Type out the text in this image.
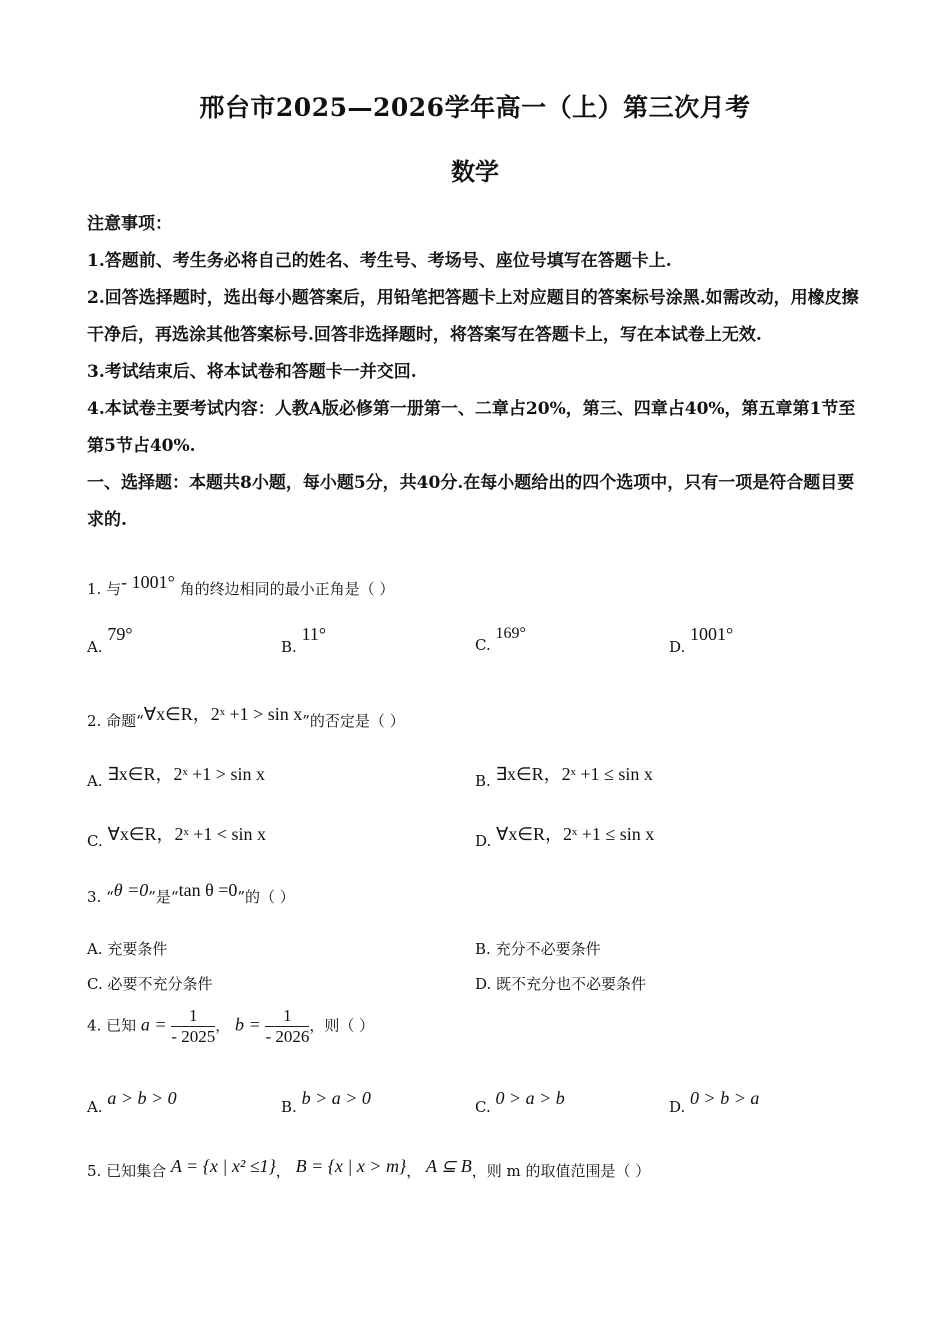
邢台市2025—2026学年高一（上）第三次月考
数学

注意事项：

1.答题前、考生务必将自己的姓名、考生号、考场号、座位号填写在答题卡上.

2.回答选择题时，选出每小题答案后，用铅笔把答题卡上对应题目的答案标号涂黑.如需改动，用橡皮擦干净后，再选涂其他答案标号.回答非选择题时，将答案写在答题卡上，写在本试卷上无效.

3.考试结束后、将本试卷和答题卡一并交回.

4.本试卷主要考试内容：人教A版必修第一册第一、二章占20%，第三、四章占40%，第五章第1节至第5节占40%.

一、选择题：本题共8小题，每小题5分，共40分.在每小题给出的四个选项中，只有一项是符合题目要求的.

1. 与- 1001° 角的终边相同的最小正角是（ ）
A. 79°
B. 11°
C. 169°
D. 1001°
2. 命题“∀x∈R，2ˣ +1 > sin x”的否定是（ ）
A. ∃x∈R，2ˣ +1 > sin x	B. ∃x∈R，2ˣ +1 ≤ sin x
C. ∀x∈R，2ˣ +1 < sin x	D. ∀x∈R，2ˣ +1 ≤ sin x
3. “θ =0”是“tan θ =0”的（ ）
A. 充要条件	B. 充分不必要条件
C. 必要不充分条件	D. 既不充分也不必要条件
4. 已知 $a = \frac{1}{- 2025}$ ， $b = \frac{1}{- 2026}$ ，则（ ）
A. a > b > 0	B. b > a > 0	C. 0 > a > b	D. 0 > b > a
5. 已知集合 A = {x | x² ≤1}， B = {x | x > m}， A ⊆ B，则 m 的取值范围是（ ）
